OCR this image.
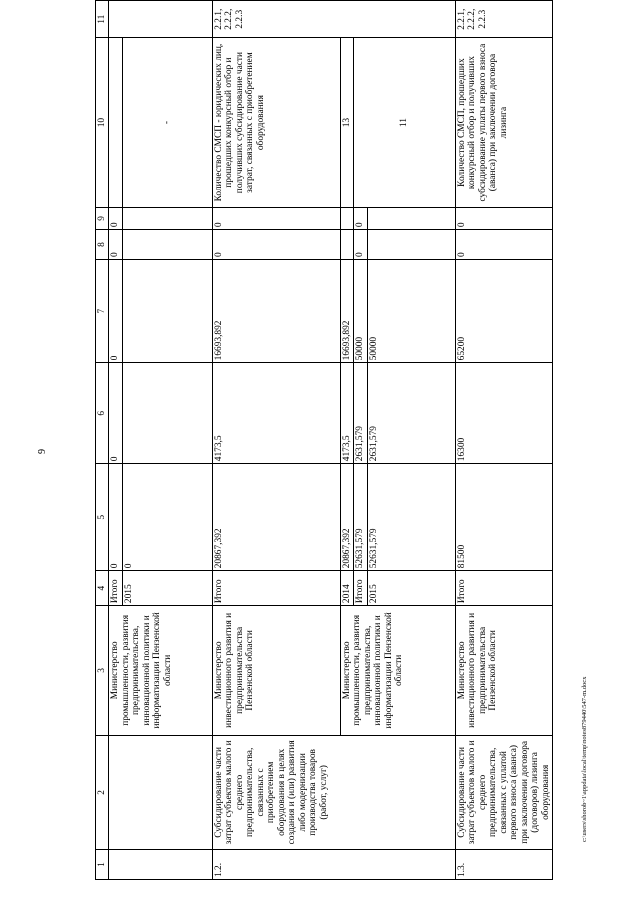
9
c:\users\shorob~1\appdata\local\temp\notes879440\547-m.docx
1	2	3	4	5	6	7	8	9	10	11
		Министерство промышленности, развития предпринимательства, инновационной политики и информатизации Пензенской области	Итого	0	0	0	0	0		
			2015	0					-	
1.2.	Субсидирование части затрат субъектов малого и среднего предпринимательства, связанных с приобретением оборудования в целях создания и (или) развития либо модернизации производства товаров (работ, услуг)	Министерство инвестиционного развития и предпринимательства Пензенской области	Итого	20867,392	4173,5	16693,892	0	0	Количество СМСП - юридических лиц, прошедших конкурсный отбор и получивших субсидирование части затрат, связанных с приобретением оборудования	2.2.1, 2.2.2, 2.2.3
		Министерство промышленности, развития предпринимательства, инновационной политики и информатизации Пензенской области	2014	20867,392	4173,5	16693,892			13	
			Итого	52631,579	2631,579	50000	0	0	11	
			2015	52631,579	2631,579	50000				
1.3.	Субсидирование части затрат субъектов малого и среднего предпринимательства, связанных с уплатой первого взноса (аванса) при заключении договора (договоров) лизинга оборудования	Министерство инвестиционного развития и предпринимательства Пензенской области	Итого	81500	16300	65200	0	0	Количество СМСП, прошедших конкурсный отбор и получивших субсидирование уплаты первого взноса (аванса) при заключении договора лизинга	2.2.1, 2.2.2, 2.2.3
